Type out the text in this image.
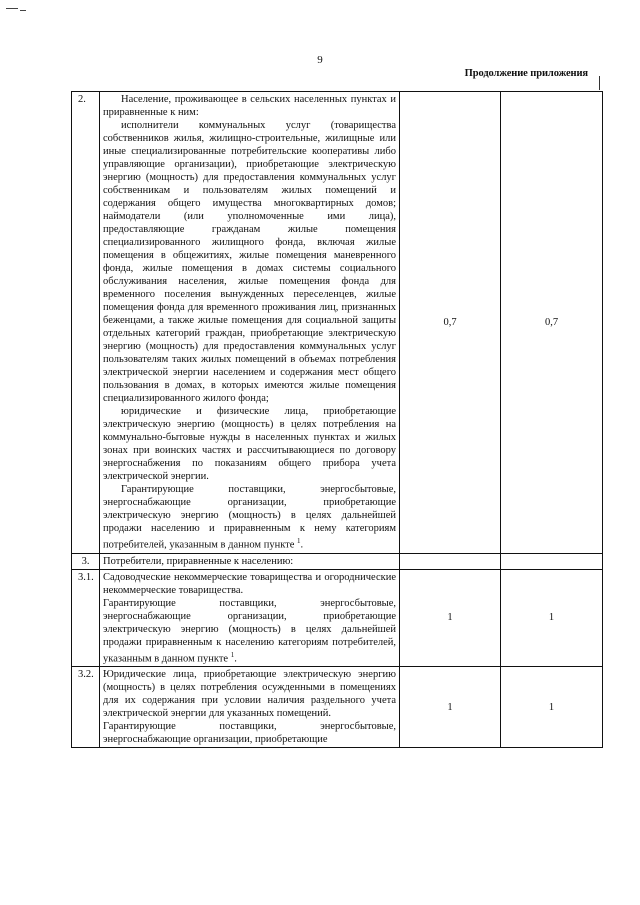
9
Продолжение приложения
2.	Население, проживающее в сельских населенных пунктах и приравненные к ним:

исполнители коммунальных услуг (товарищества собственников жилья, жилищно-строительные, жилищные или иные специализированные потребительские кооперативы либо управляющие организации), приобретающие электрическую энергию (мощность) для предоставления коммунальных услуг собственникам и пользователям жилых помещений и содержания общего имущества многоквартирных домов; наймодатели (или уполномоченные ими лица), предоставляющие гражданам жилые помещения специализированного жилищного фонда, включая жилые помещения в общежитиях, жилые помещения маневренного фонда, жилые помещения в домах системы социального обслуживания населения, жилые помещения фонда для временного поселения вынужденных переселенцев, жилые помещения фонда для временного проживания лиц, признанных беженцами, а также жилые помещения для социальной защиты отдельных категорий граждан, приобретающие электрическую энергию (мощность) для предоставления коммунальных услуг пользователям таких жилых помещений в объемах потребления электрической энергии населением и содержания мест общего пользования в домах, в которых имеются жилые помещения специализированного жилого фонда;

юридические и физические лица, приобретающие электрическую энергию (мощность) в целях потребления на коммунально-бытовые нужды в населенных пунктах и жилых зонах при воинских частях и рассчитывающиеся по договору энергоснабжения по показаниям общего прибора учета электрической энергии.

Гарантирующие поставщики, энергосбытовые, энергоснабжающие организации, приобретающие электрическую энергию (мощность) в целях дальнейшей продажи населению и приравненным к нему категориям потребителей, указанным в данном пункте $^1$.	0,7	0,7
3.	Потребители, приравненные к населению:		

3.1.	Садоводческие некоммерческие товарищества и огороднические некоммерческие товарищества.

Гарантирующие поставщики, энергосбытовые, энергоснабжающие организации, приобретающие электрическую энергию (мощность) в целях дальнейшей продажи приравненным к населению категориям потребителей, указанным в данном пункте $^1$.	1	1
3.2.	Юридические лица, приобретающие электрическую энергию (мощность) в целях потребления осужденными в помещениях для их содержания при условии наличия раздельного учета электрической энергии для указанных помещений.

Гарантирующие поставщики, энергосбытовые, энергоснабжающие организации, приобретающие	1	1
